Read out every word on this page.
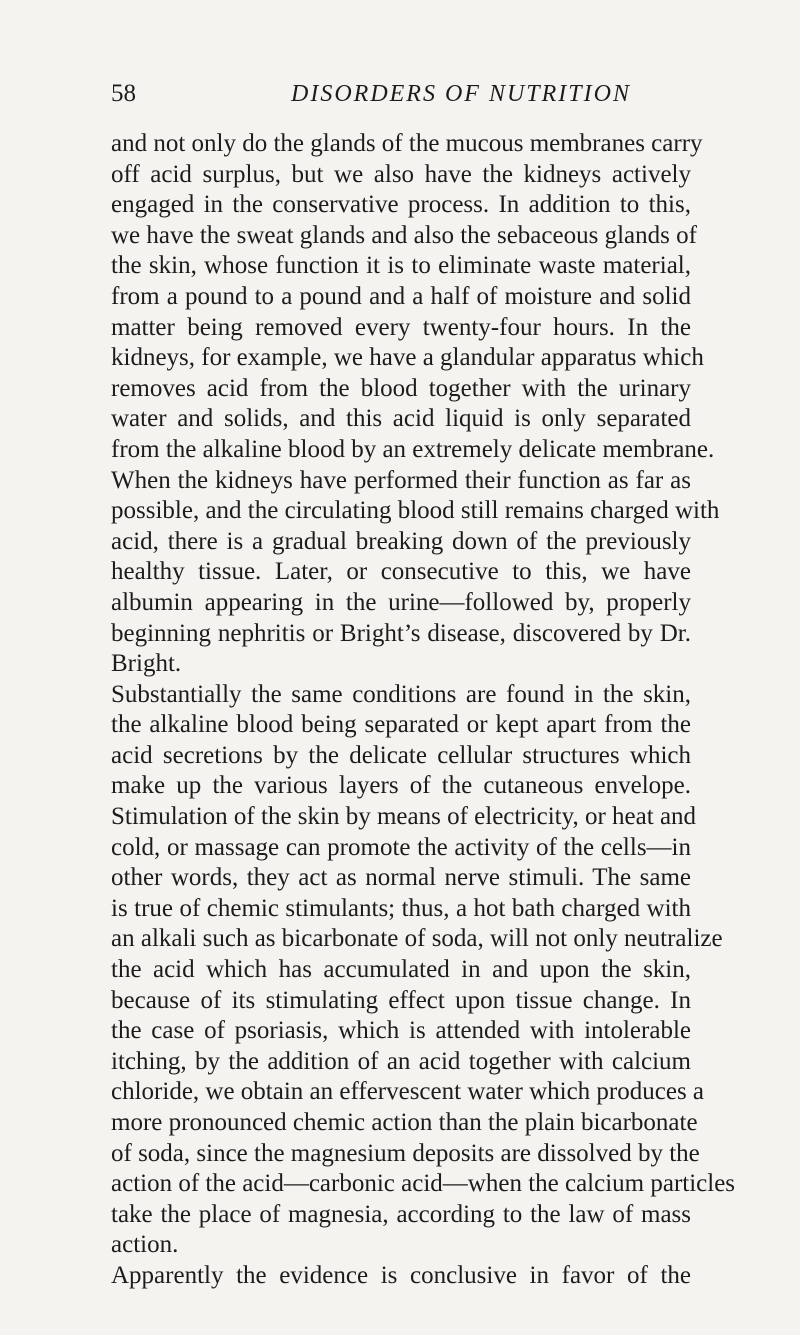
58	DISORDERS OF NUTRITION
and not only do the glands of the mucous membranes carry
off acid surplus, but we also have the kidneys actively
engaged in the conservative process. In addition to this,
we have the sweat glands and also the sebaceous glands of
the skin, whose function it is to eliminate waste material,
from a pound to a pound and a half of moisture and solid
matter being removed every twenty-four hours. In the
kidneys, for example, we have a glandular apparatus which
removes acid from the blood together with the urinary
water and solids, and this acid liquid is only separated
from the alkaline blood by an extremely delicate membrane.
When the kidneys have performed their function as far as
possible, and the circulating blood still remains charged with
acid, there is a gradual breaking down of the previously
healthy tissue. Later, or consecutive to this, we have
albumin appearing in the urine—followed by, properly
beginning nephritis or Bright’s disease, discovered by Dr.
Bright.
Substantially the same conditions are found in the skin,
the alkaline blood being separated or kept apart from the
acid secretions by the delicate cellular structures which
make up the various layers of the cutaneous envelope.
Stimulation of the skin by means of electricity, or heat and
cold, or massage can promote the activity of the cells—in
other words, they act as normal nerve stimuli. The same
is true of chemic stimulants; thus, a hot bath charged with
an alkali such as bicarbonate of soda, will not only neutralize
the acid which has accumulated in and upon the skin,
because of its stimulating effect upon tissue change. In
the case of psoriasis, which is attended with intolerable
itching, by the addition of an acid together with calcium
chloride, we obtain an effervescent water which produces a
more pronounced chemic action than the plain bicarbonate
of soda, since the magnesium deposits are dissolved by the
action of the acid—carbonic acid—when the calcium particles
take the place of magnesia, according to the law of mass
action.
Apparently the evidence is conclusive in favor of the
